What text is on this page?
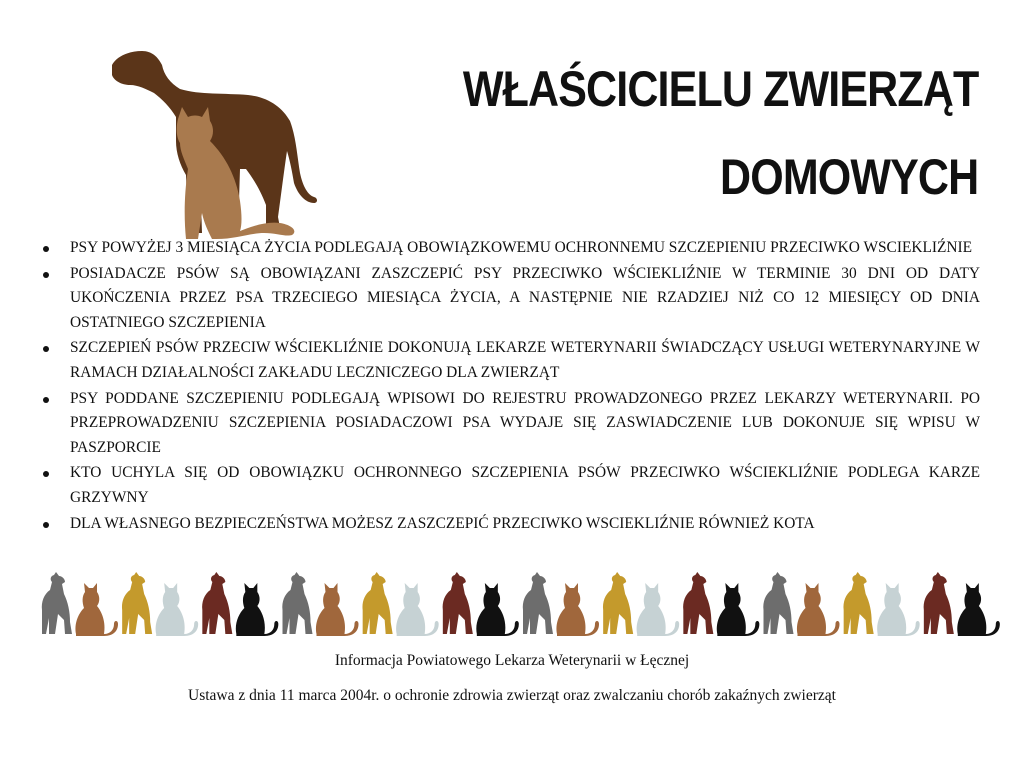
WŁAŚCICIELU ZWIERZĄT
DOMOWYCH
PSY POWYŻEJ 3 MIESIĄCA ŻYCIA PODLEGAJĄ OBOWIĄZKOWEMU OCHRONNEMU SZCZEPIENIU PRZECIWKO WSCIEKLIŹNIE
POSIADACZE PSÓW SĄ OBOWIĄZANI ZASZCZEPIĆ PSY PRZECIWKO WŚCIEKLIŹNIE W TERMINIE 30 DNI OD DATY UKOŃCZENIA PRZEZ PSA TRZECIEGO MIESIĄCA ŻYCIA, A NASTĘPNIE NIE RZADZIEJ NIŻ CO 12 MIESIĘCY OD DNIA OSTATNIEGO SZCZEPIENIA
SZCZEPIEŃ PSÓW PRZECIW WŚCIEKLIŹNIE DOKONUJĄ LEKARZE WETERYNARII ŚWIADCZĄCY USŁUGI WETERYNARYJNE W RAMACH DZIAŁALNOŚCI ZAKŁADU LECZNICZEGO DLA ZWIERZĄT
PSY PODDANE SZCZEPIENIU PODLEGAJĄ WPISOWI DO REJESTRU PROWADZONEGO PRZEZ LEKARZY WETERYNARII. PO PRZEPROWADZENIU SZCZEPIENIA POSIADACZOWI PSA WYDAJE SIĘ ZASWIADCZENIE LUB DOKONUJE SIĘ WPISU W PASZPORCIE
KTO UCHYLA SIĘ OD OBOWIĄZKU OCHRONNEGO SZCZEPIENIA PSÓW PRZECIWKO WŚCIEKLIŹNIE PODLEGA KARZE GRZYWNY
DLA WŁASNEGO BEZPIECZEŃSTWA MOŻESZ ZASZCZEPIĆ PRZECIWKO WSCIEKLIŹNIE RÓWNIEŻ KOTA
Informacja Powiatowego Lekarza Weterynarii w Łęcznej
Ustawa z dnia 11 marca 2004r. o ochronie zdrowia zwierząt oraz zwalczaniu chorób zakaźnych zwierząt
